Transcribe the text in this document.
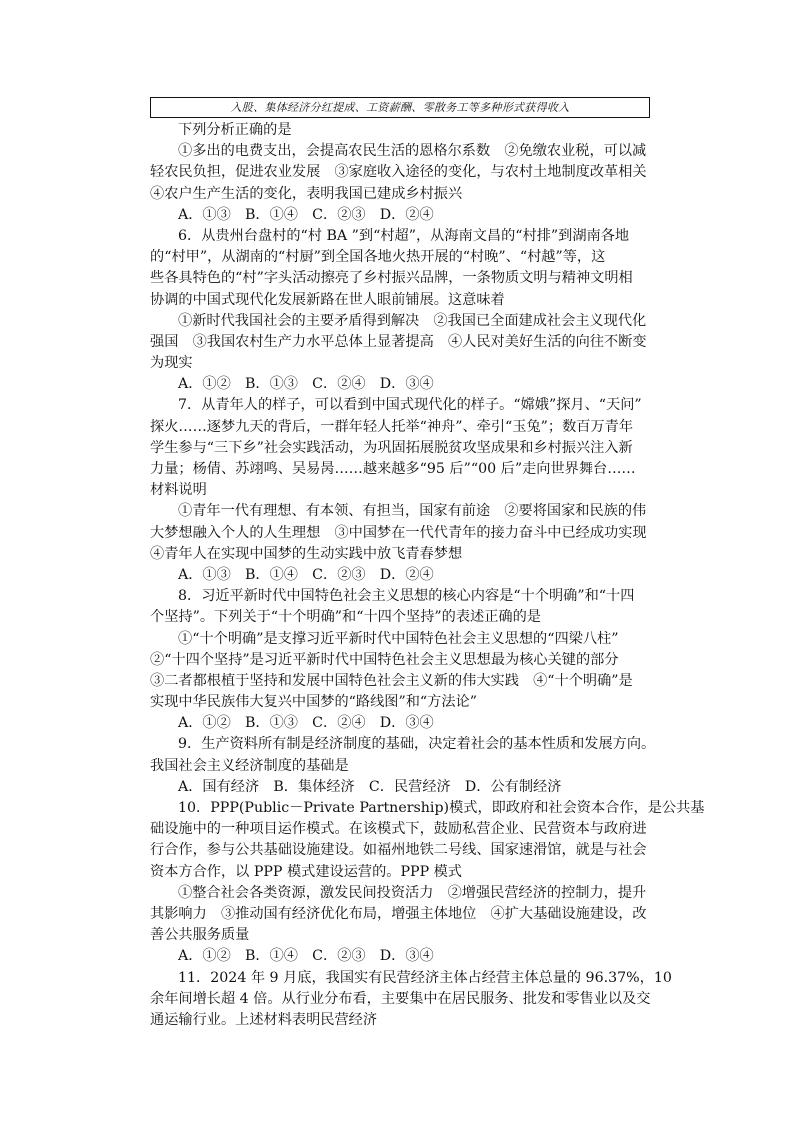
入股、集体经济分红提成、工资薪酬、零散务工等多种形式获得收入
下列分析正确的是
①多出的电费支出，会提高农民生活的恩格尔系数　②免缴农业税，可以减
轻农民负担，促进农业发展　③家庭收入途径的变化，与农村土地制度改革相关
④农户生产生活的变化，表明我国已建成乡村振兴
A．①③　B．①④　C．②③　D．②④
6．从贵州台盘村的“村 BA ”到“村超”，从海南文昌的“村排”到湖南各地
的“村甲”，从湖南的“村厨”到全国各地火热开展的“村晚”、“村越”等，这
些各具特色的“村”字头活动擦亮了乡村振兴品牌，一条物质文明与精神文明相
协调的中国式现代化发展新路在世人眼前铺展。这意味着
①新时代我国社会的主要矛盾得到解决　②我国已全面建成社会主义现代化
强国　③我国农村生产力水平总体上显著提高　④人民对美好生活的向往不断变
为现实
A．①②　B．①③　C．②④　D．③④
7．从青年人的样子，可以看到中国式现代化的样子。“嫦娥”探月、“天问”
探火……逐梦九天的背后，一群年轻人托举“神舟”、牵引“玉兔”；数百万青年
学生参与“三下乡”社会实践活动，为巩固拓展脱贫攻坚成果和乡村振兴注入新
力量；杨倩、苏翊鸣、吴易昺……越来越多“95 后”“00 后”走向世界舞台……
材料说明
①青年一代有理想、有本领、有担当，国家有前途　②要将国家和民族的伟
大梦想融入个人的人生理想　③中国梦在一代代青年的接力奋斗中已经成功实现
④青年人在实现中国梦的生动实践中放飞青春梦想
A．①③　B．①④　C．②③　D．②④
8．习近平新时代中国特色社会主义思想的核心内容是“十个明确”和“十四
个坚持”。下列关于“十个明确”和“十四个坚持”的表述正确的是
①“十个明确”是支撑习近平新时代中国特色社会主义思想的“四梁八柱”
②“十四个坚持”是习近平新时代中国特色社会主义思想最为核心关键的部分
③二者都根植于坚持和发展中国特色社会主义新的伟大实践　④“十个明确”是
实现中华民族伟大复兴中国梦的“路线图”和“方法论”
A．①②　B．①③　C．②④　D．③④
9．生产资料所有制是经济制度的基础，决定着社会的基本性质和发展方向。
我国社会主义经济制度的基础是
A．国有经济　B．集体经济　C．民营经济　D．公有制经济
10．PPP(Public－Private Partnership)模式，即政府和社会资本合作，是公共基
础设施中的一种项目运作模式。在该模式下，鼓励私营企业、民营资本与政府进
行合作，参与公共基础设施建设。如福州地铁二号线、国家速滑馆，就是与社会
资本方合作，以 PPP 模式建设运营的。PPP 模式
①整合社会各类资源，激发民间投资活力　②增强民营经济的控制力，提升
其影响力　③推动国有经济优化布局，增强主体地位　④扩大基础设施建设，改
善公共服务质量
A．①②　B．①④　C．②③　D．③④
11．2024 年 9 月底，我国实有民营经济主体占经营主体总量的 96.37%，10
余年间增长超 4 倍。从行业分布看，主要集中在居民服务、批发和零售业以及交
通运输行业。上述材料表明民营经济
